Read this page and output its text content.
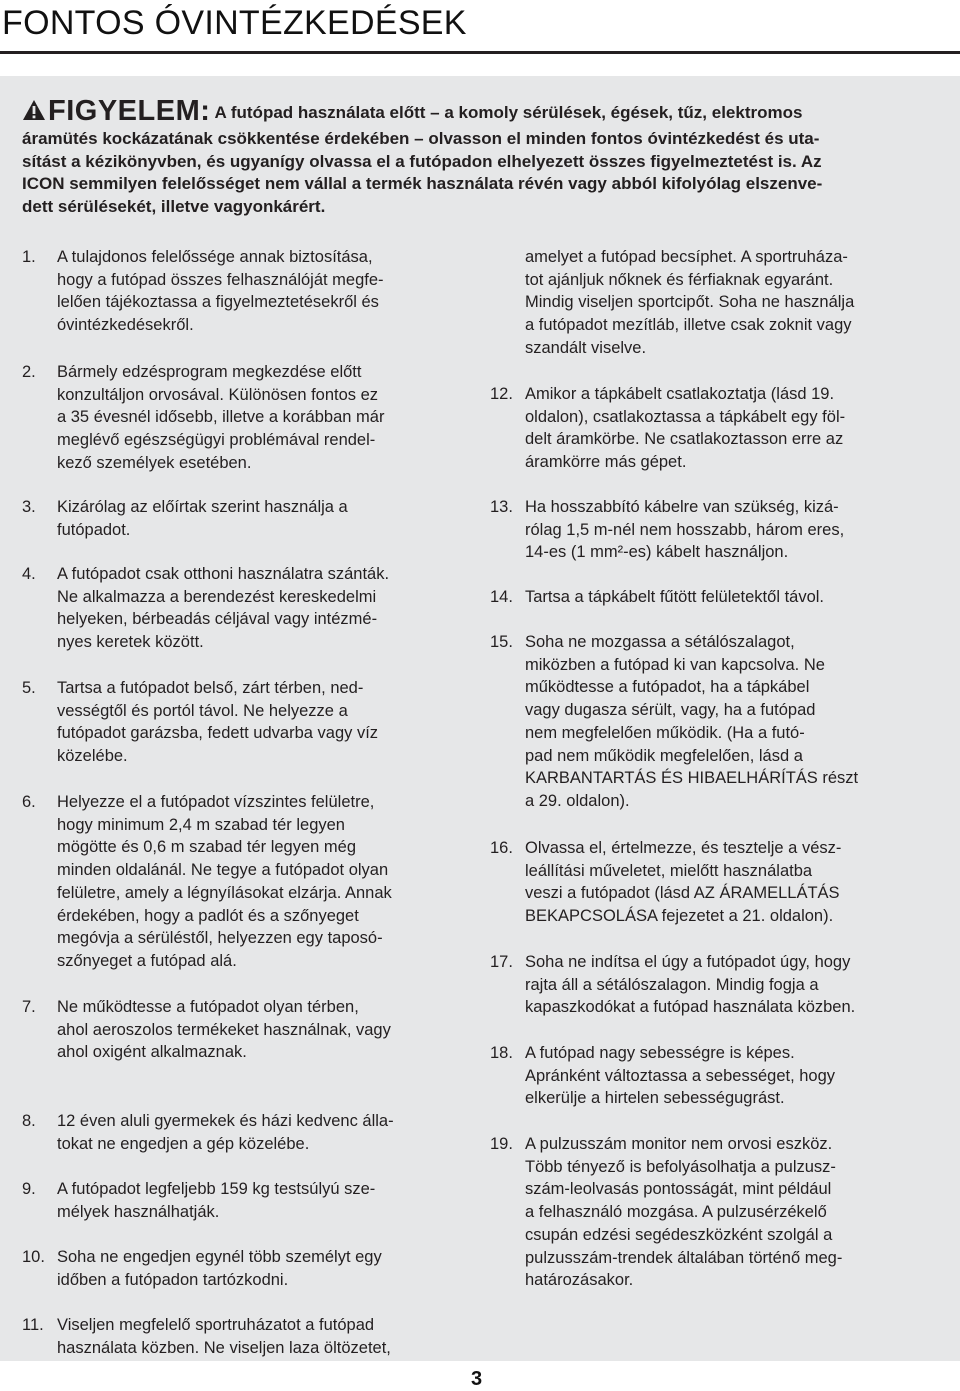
FONTOS ÓVINTÉZKEDÉSEK

FIGYELEM: A futópad használata előtt – a komoly sérülések, égések, tűz, elektromos
áramütés kockázatának csökkentése érdekében – olvasson el minden fontos óvintézkedést és uta-
sítást a kézikönyvben, és ugyanígy olvassa el a futópadon elhelyezett összes figyelmeztetést is. Az
ICON semmilyen felelősséget nem vállal a termék használata révén vagy abból kifolyólag elszenve-
dett sérülésekét, illetve vagyonkárért.

1.	A tulajdonos felelőssége annak biztosítása,
hogy a futópad összes felhasználóját megfe-
lelően tájékoztassa a figyelmeztetésekről és
óvintézkedésekről.
2.	Bármely edzésprogram megkezdése előtt
konzultáljon orvosával. Különösen fontos ez
a 35 évesnél idősebb, illetve a korábban már
meglévő egészségügyi problémával rendel-
kező személyek esetében.
3.	Kizárólag az előírtak szerint használja a
futópadot.
4.	A futópadot csak otthoni használatra szánták.
Ne alkalmazza a berendezést kereskedelmi
helyeken, bérbeadás céljával vagy intézmé-
nyes keretek között.
5.	Tartsa a futópadot belső, zárt térben, ned-
vességtől és portól távol. Ne helyezze a
futópadot garázsba, fedett udvarba vagy víz
közelébe.
6.	Helyezze el a futópadot vízszintes felületre,
hogy minimum 2,4 m szabad tér legyen
mögötte és 0,6 m szabad tér legyen még
minden oldalánál. Ne tegye a futópadot olyan
felületre, amely a légnyílásokat elzárja. Annak
érdekében, hogy a padlót és a szőnyeget
megóvja a sérüléstől, helyezzen egy taposó-
szőnyeget a futópad alá.
7.	Ne működtesse a futópadot olyan térben,
ahol aeroszolos termékeket használnak, vagy
ahol oxigént alkalmaznak.
8.	12 éven aluli gyermekek és házi kedvenc álla-
tokat ne engedjen a gép közelébe.
9.	A futópadot legfeljebb 159 kg testsúlyú sze-
mélyek használhatják.
10. Soha ne engedjen egynél több személyt egy
időben a futópadon tartózkodni.
11. Viseljen megfelelő sportruházatot a futópad
használata közben. Ne viseljen laza öltözetet,
amelyet a futópad becsíphet. A sportruháza-
tot ajánljuk nőknek és férfiaknak egyaránt.
Mindig viseljen sportcipőt. Soha ne használja
a futópadot mezítláb, illetve csak zoknit vagy
szandált viselve.
12. Amikor a tápkábelt csatlakoztatja (lásd 19.
oldalon), csatlakoztassa a tápkábelt egy föl-
delt áramkörbe. Ne csatlakoztasson erre az
áramkörre más gépet.
13. Ha hosszabbító kábelre van szükség, kizá-
rólag 1,5 m-nél nem hosszabb, három eres,
14-es (1 mm²-es) kábelt használjon.
14. Tartsa a tápkábelt fűtött felületektől távol.
15. Soha ne mozgassa a sétálószalagot,
miközben a futópad ki van kapcsolva. Ne
működtesse a futópadot, ha a tápkábel
vagy dugasza sérült, vagy, ha a futópad
nem megfelelően működik. (Ha a futó-
pad nem működik megfelelően, lásd a
KARBANTARTÁS ÉS HIBAELHÁRÍTÁS részt
a 29. oldalon).
16. Olvassa el, értelmezze, és tesztelje a vész-
leállítási műveletet, mielőtt használatba
veszi a futópadot (lásd AZ ÁRAMELLÁTÁS
BEKAPCSOLÁSA fejezetet a 21. oldalon).
17. Soha ne indítsa el úgy a futópadot úgy, hogy
rajta áll a sétálószalagon. Mindig fogja a
kapaszkodókat a futópad használata közben.
18. A futópad nagy sebességre is képes.
Apránként változtassa a sebességet, hogy
elkerülje a hirtelen sebességugrást.
19. A pulzusszám monitor nem orvosi eszköz.
Több tényező is befolyásolhatja a pulzusz-
szám-leolvasás pontosságát, mint például
a felhasználó mozgása. A pulzusérzékelő
csupán edzési segédeszközként szolgál a
pulzusszám-trendek általában történő meg-
határozásakor.
3
